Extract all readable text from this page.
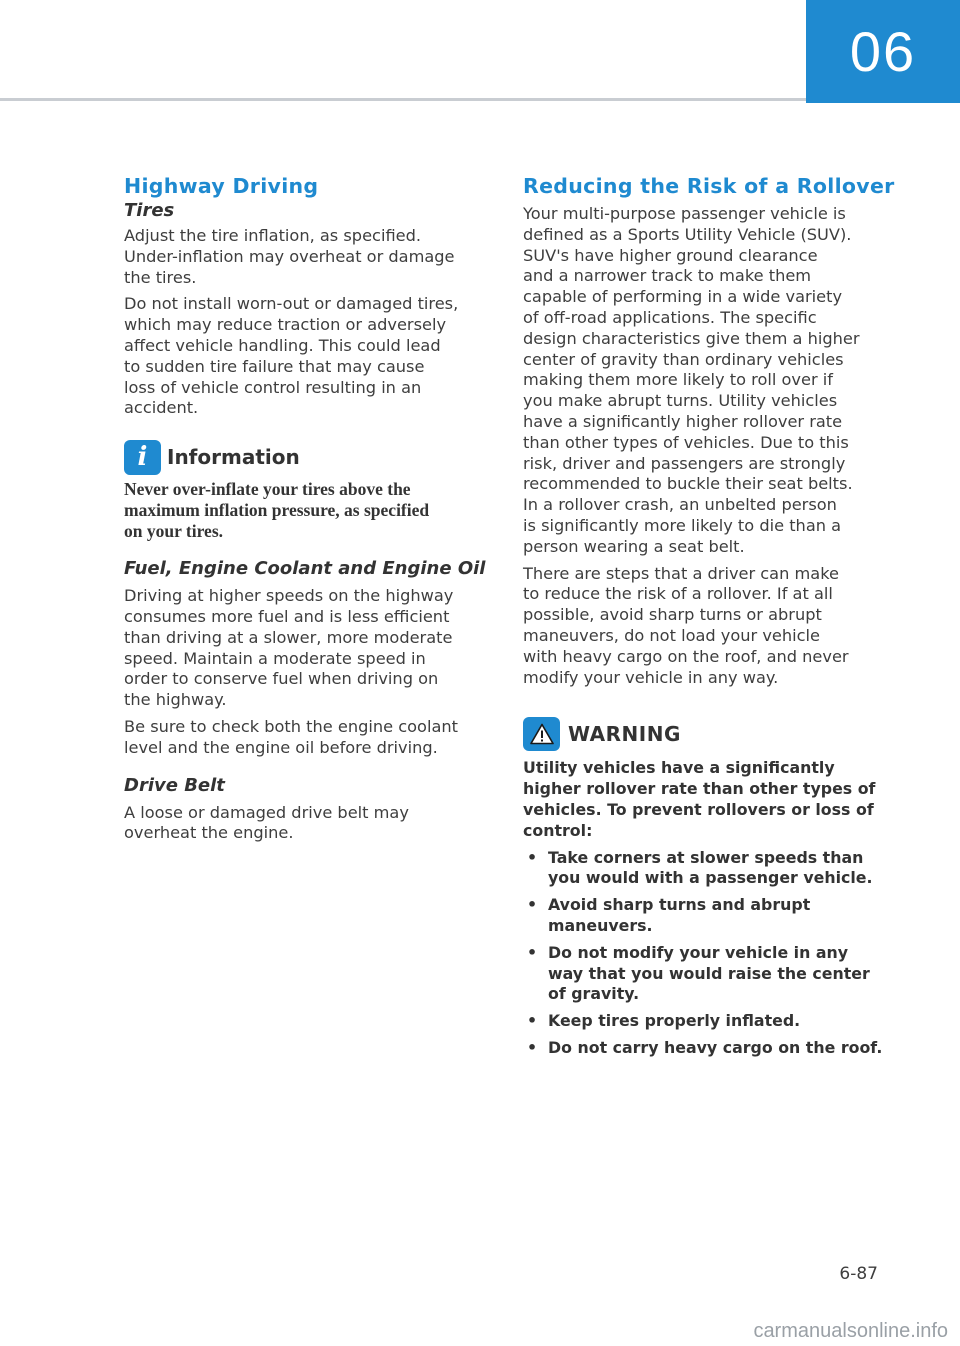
06
Highway Driving
Tires
Adjust the tire inflation, as specified.
Under-inflation may overheat or damage
the tires.
Do not install worn-out or damaged tires,
which may reduce traction or adversely
affect vehicle handling. This could lead
to sudden tire failure that may cause
loss of vehicle control resulting in an
accident.
i Information
Never over-inflate your tires above the
maximum inflation pressure, as specified
on your tires.
Fuel, Engine Coolant and Engine Oil
Driving at higher speeds on the highway
consumes more fuel and is less efficient
than driving at a slower, more moderate
speed. Maintain a moderate speed in
order to conserve fuel when driving on
the highway.
Be sure to check both the engine coolant
level and the engine oil before driving.
Drive Belt
A loose or damaged drive belt may
overheat the engine.
Reducing the Risk of a Rollover
Your multi-purpose passenger vehicle is
defined as a Sports Utility Vehicle (SUV).
SUV's have higher ground clearance
and a narrower track to make them
capable of performing in a wide variety
of off-road applications. The specific
design characteristics give them a higher
center of gravity than ordinary vehicles
making them more likely to roll over if
you make abrupt turns. Utility vehicles
have a significantly higher rollover rate
than other types of vehicles. Due to this
risk, driver and passengers are strongly
recommended to buckle their seat belts.
In a rollover crash, an unbelted person
is significantly more likely to die than a
person wearing a seat belt.
There are steps that a driver can make
to reduce the risk of a rollover. If at all
possible, avoid sharp turns or abrupt
maneuvers, do not load your vehicle
with heavy cargo on the roof, and never
modify your vehicle in any way.
WARNING
Utility vehicles have a significantly
higher rollover rate than other types of
vehicles. To prevent rollovers or loss of
control:
• Take corners at slower speeds than
you would with a passenger vehicle.
• Avoid sharp turns and abrupt
maneuvers.
• Do not modify your vehicle in any
way that you would raise the center
of gravity.
• Keep tires properly inflated.
• Do not carry heavy cargo on the roof.
6-87
carmanualsonline.info
